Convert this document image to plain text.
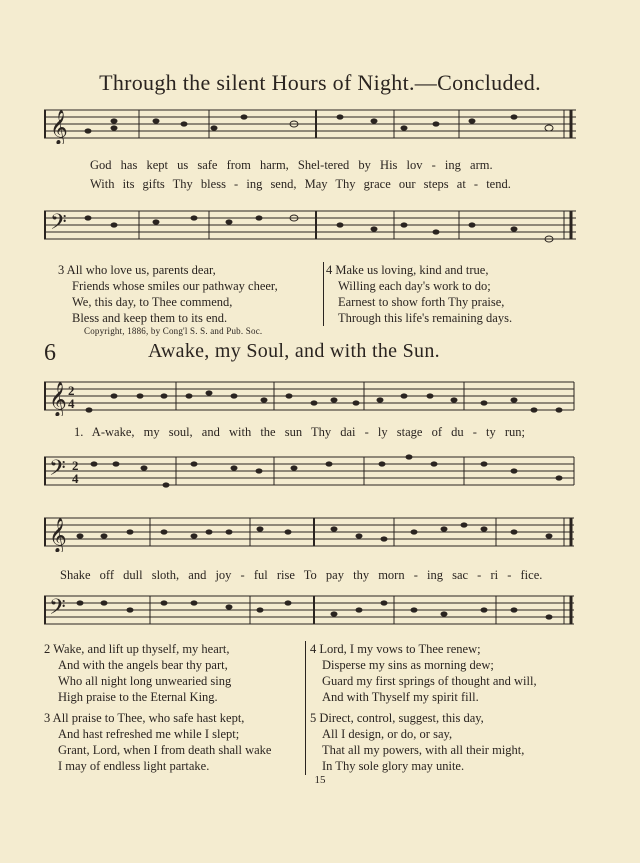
Through the silent Hours of Night.—Concluded.
𝄞
God has kept us safe from harm, Shel-tered by His lov - ing arm.
With its gifts Thy bless - ing send, May Thy grace our steps at - tend.
𝄢
3 All who love us, parents dear,
Friends whose smiles our pathway cheer,
We, this day, to Thee commend,
Bless and keep them to its end.
4 Make us loving, kind and true,
Willing each day's work to do;
Earnest to show forth Thy praise,
Through this life's remaining days.
Copyright, 1886, by Cong'l S. S. and Pub. Soc.
6	Awake, my Soul, and with the Sun.
𝄞 2
4
1. A-wake, my soul, and with the sun Thy dai - ly stage of du - ty run;
𝄢 2
4
𝄞
Shake off dull sloth, and joy - ful rise To pay thy morn - ing sac - ri - fice.
𝄢
2 Wake, and lift up thyself, my heart,
And with the angels bear thy part,
Who all night long unwearied sing
High praise to the Eternal King.
3 All praise to Thee, who safe hast kept,
And hast refreshed me while I slept;
Grant, Lord, when I from death shall wake
I may of endless light partake.
4 Lord, I my vows to Thee renew;
Disperse my sins as morning dew;
Guard my first springs of thought and will,
And with Thyself my spirit fill.
5 Direct, control, suggest, this day,
All I design, or do, or say,
That all my powers, with all their might,
In Thy sole glory may unite.
15
